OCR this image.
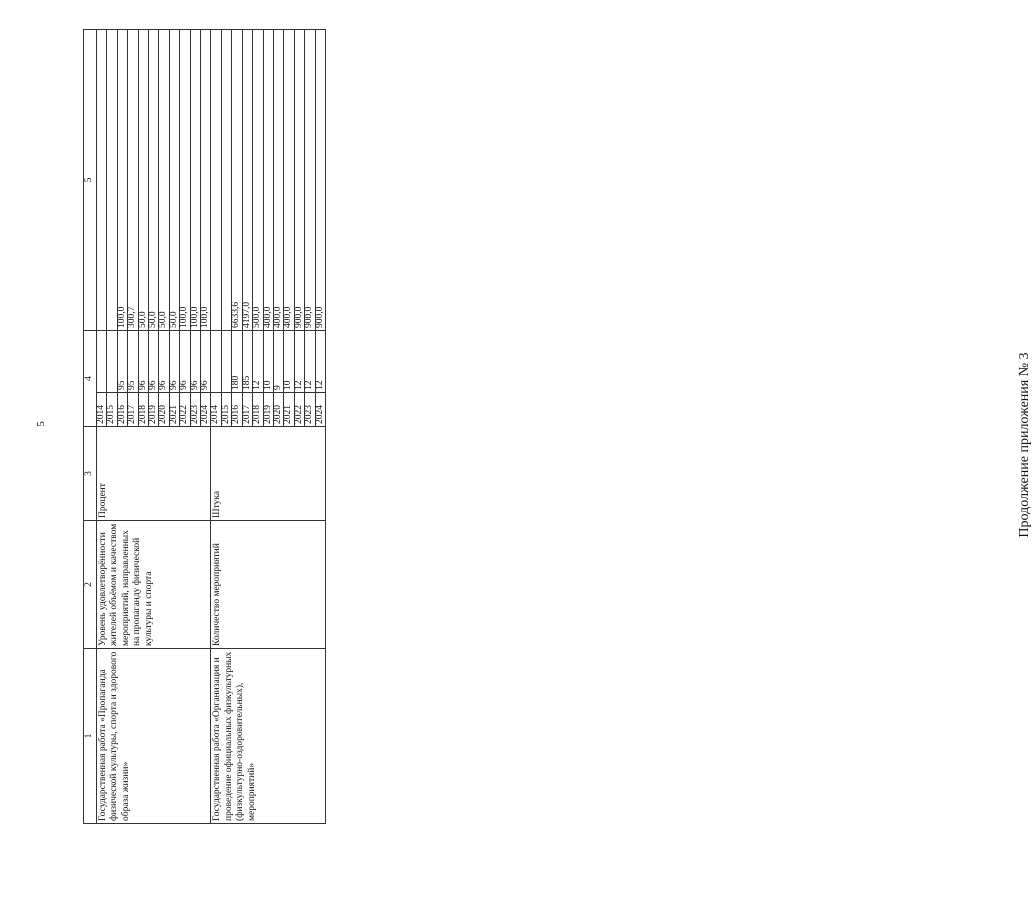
5	Продолжение приложения № 3
1	2	3	4		5
Государственная работа «Пропаганда физической культуры, спорта и здорового образа жизни»	Уровень удовлетворённости жителей объёмом и качеством мероприятий, направленных на пропаганду физической культуры и спорта	Процент	2014		
			2015		
			2016	95	100,0
			2017	95	300,7
			2018	96	50,0
			2019	96	50,0
			2020	96	50,0
			2021	96	50,0
			2022	96	100,0
			2023	96	100,0
			2024	96	100,0
Государственная работа «Организация и проведение официальных физкультурных (физкультурно-оздоровительных), мероприятий»	Количество мероприятий	Штука	2014		
			2015		
			2016	180	6633,6
			2017	185	4197,0
			2018	12	500,0
			2019	10	400,0
			2020	9	400,0
			2021	10	400,0
			2022	12	900,0
			2023	12	900,0
			2024	12	900,0
